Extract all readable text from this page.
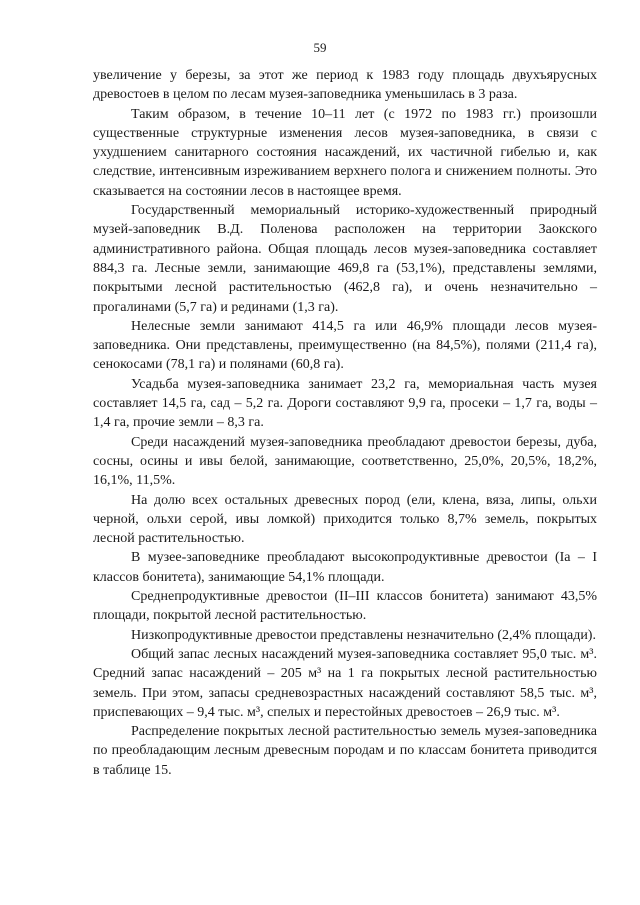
59

увеличение у березы, за этот же период к 1983 году площадь двухъярусных древостоев в целом по лесам музея-заповедника уменьшилась в 3 раза.

Таким образом, в течение 10–11 лет (с 1972 по 1983 гг.) произошли существенные структурные изменения лесов музея-заповедника, в связи с ухудшением санитарного состояния насаждений, их частичной гибелью и, как следствие, интенсивным изреживанием верхнего полога и снижением полноты. Это сказывается на состоянии лесов в настоящее время.

Государственный мемориальный историко-художественный природный музей-заповедник В.Д. Поленова расположен на территории Заокского административного района. Общая площадь лесов музея-заповедника составляет 884,3 га. Лесные земли, занимающие 469,8 га (53,1%), представлены землями, покрытыми лесной растительностью (462,8 га), и очень незначительно – прогалинами (5,7 га) и рединами (1,3 га).

Нелесные земли занимают 414,5 га или 46,9% площади лесов музея-заповедника. Они представлены, преимущественно (на 84,5%), полями (211,4 га), сенокосами (78,1 га) и полянами (60,8 га).

Усадьба музея-заповедника занимает 23,2 га, мемориальная часть музея составляет 14,5 га, сад – 5,2 га. Дороги составляют 9,9 га, просеки – 1,7 га, воды – 1,4 га, прочие земли – 8,3 га.

Среди насаждений музея-заповедника преобладают древостои березы, дуба, сосны, осины и ивы белой, занимающие, соответственно, 25,0%, 20,5%, 18,2%, 16,1%, 11,5%.

На долю всех остальных древесных пород (ели, клена, вяза, липы, ольхи черной, ольхи серой, ивы ломкой) приходится только 8,7% земель, покрытых лесной растительностью.

В музее-заповеднике преобладают высокопродуктивные древостои (Ia – I классов бонитета), занимающие 54,1% площади.

Среднепродуктивные древостои (II–III классов бонитета) занимают 43,5% площади, покрытой лесной растительностью.

Низкопродуктивные древостои представлены незначительно (2,4% площади).

Общий запас лесных насаждений музея-заповедника составляет 95,0 тыс. м³. Средний запас насаждений – 205 м³ на 1 га покрытых лесной растительностью земель. При этом, запасы средневозрастных насаждений составляют 58,5 тыс. м³, приспевающих – 9,4 тыс. м³, спелых и перестойных древостоев – 26,9 тыс. м³.

Распределение покрытых лесной растительностью земель музея-заповедника по преобладающим лесным древесным породам и по классам бонитета приводится в таблице 15.
